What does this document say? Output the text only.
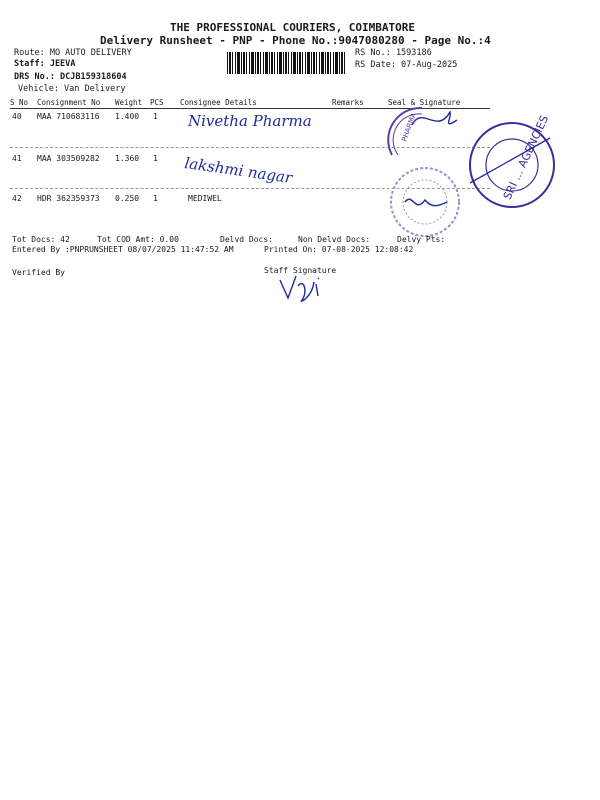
THE PROFESSIONAL COURIERS, COIMBATORE
Delivery Runsheet - PNP - Phone No.:9047080280 - Page No.:4
Route: MO AUTO DELIVERY
Staff: JEEVA
DRS No.: DCJB159318604
Vehicle: Van Delivery
RS No.: 1593186
RS Date: 07-Aug-2025
S No Consignment No Weight PCS Consignee Details	Remarks	Seal & Signature
40 MAA 710683116 1.400 1 Nivetha Pharma
41 MAA 303509282 1.360 1 lakshmi nagar
42 HDR 362359373 0.250 1	MEDIWEL
PHARMA	SRI ... AGENCIES
Tot Docs: 42	Tot COD Amt: 0.00	Delvd Docs:	Non Delvd Docs:	Delvy Pts:
Entered By :PNPRUNSHEET 08/07/2025 11:47:52 AM	Printed On: 07-08-2025 12:08:42
Verified By	Staff Signature
